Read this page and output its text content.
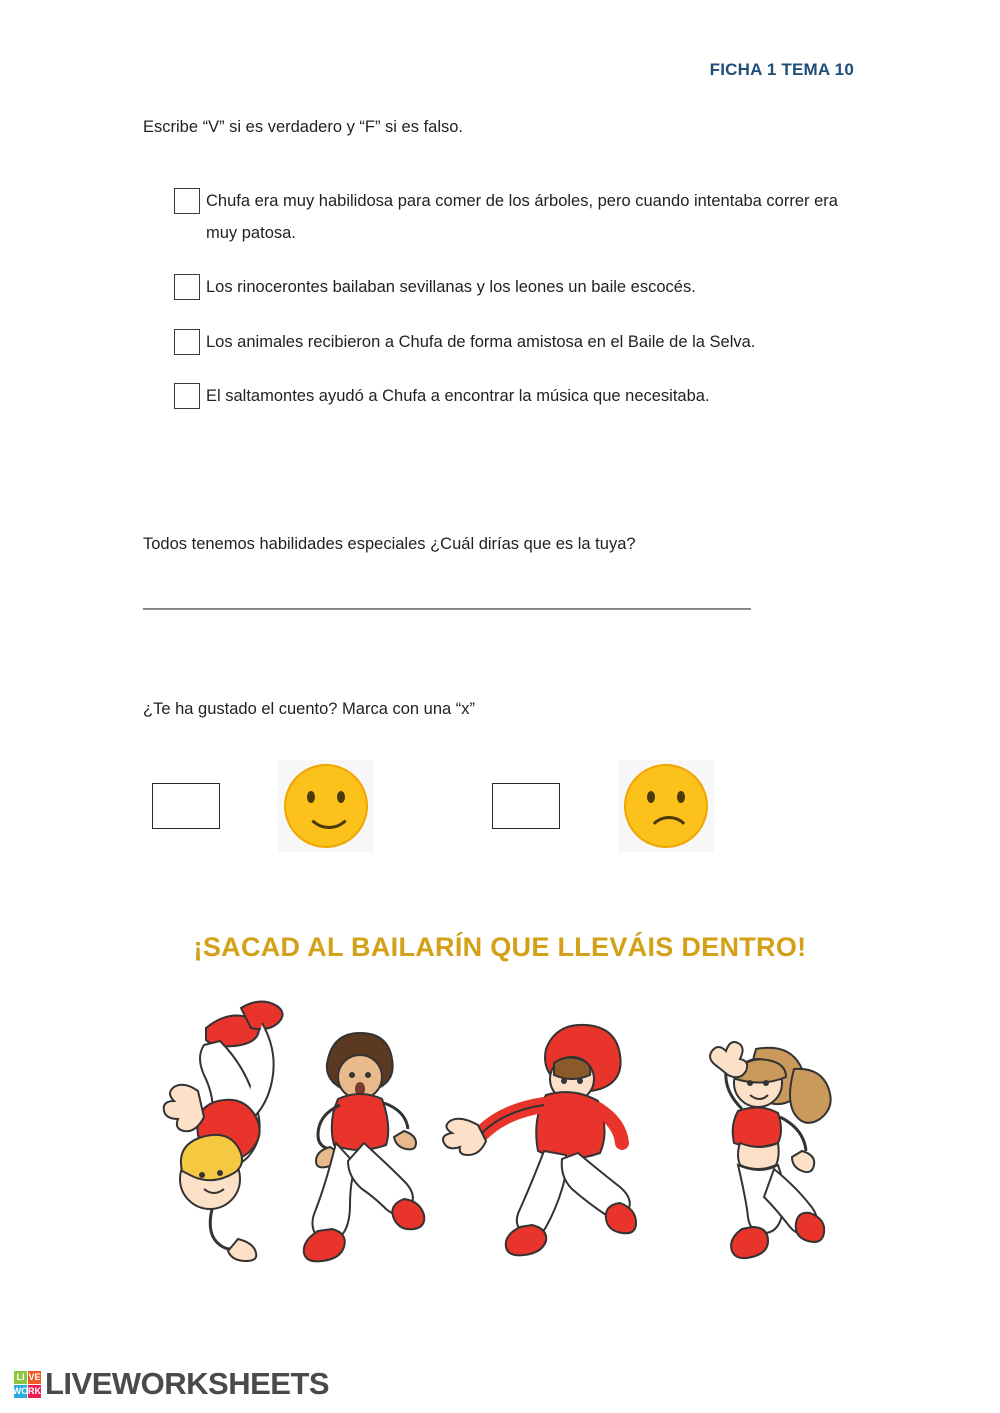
FICHA 1 TEMA 10
Escribe “V” si es verdadero y “F” si es falso.
Chufa era muy habilidosa para comer de los árboles, pero cuando intentaba correr era muy patosa.
Los rinocerontes bailaban sevillanas y los leones un baile escocés.
Los animales recibieron a Chufa de forma amistosa en el Baile de la Selva.
El saltamontes ayudó a Chufa a encontrar la música que necesitaba.
Todos tenemos habilidades especiales ¿Cuál dirías que es la tuya?
______________________________________________________________________
¿Te ha gustado el cuento? Marca con una “x”
¡SACAD AL BAILARÍN QUE LLEVÁIS DENTRO!
LI VE
WO RK LIVEWORKSHEETS
